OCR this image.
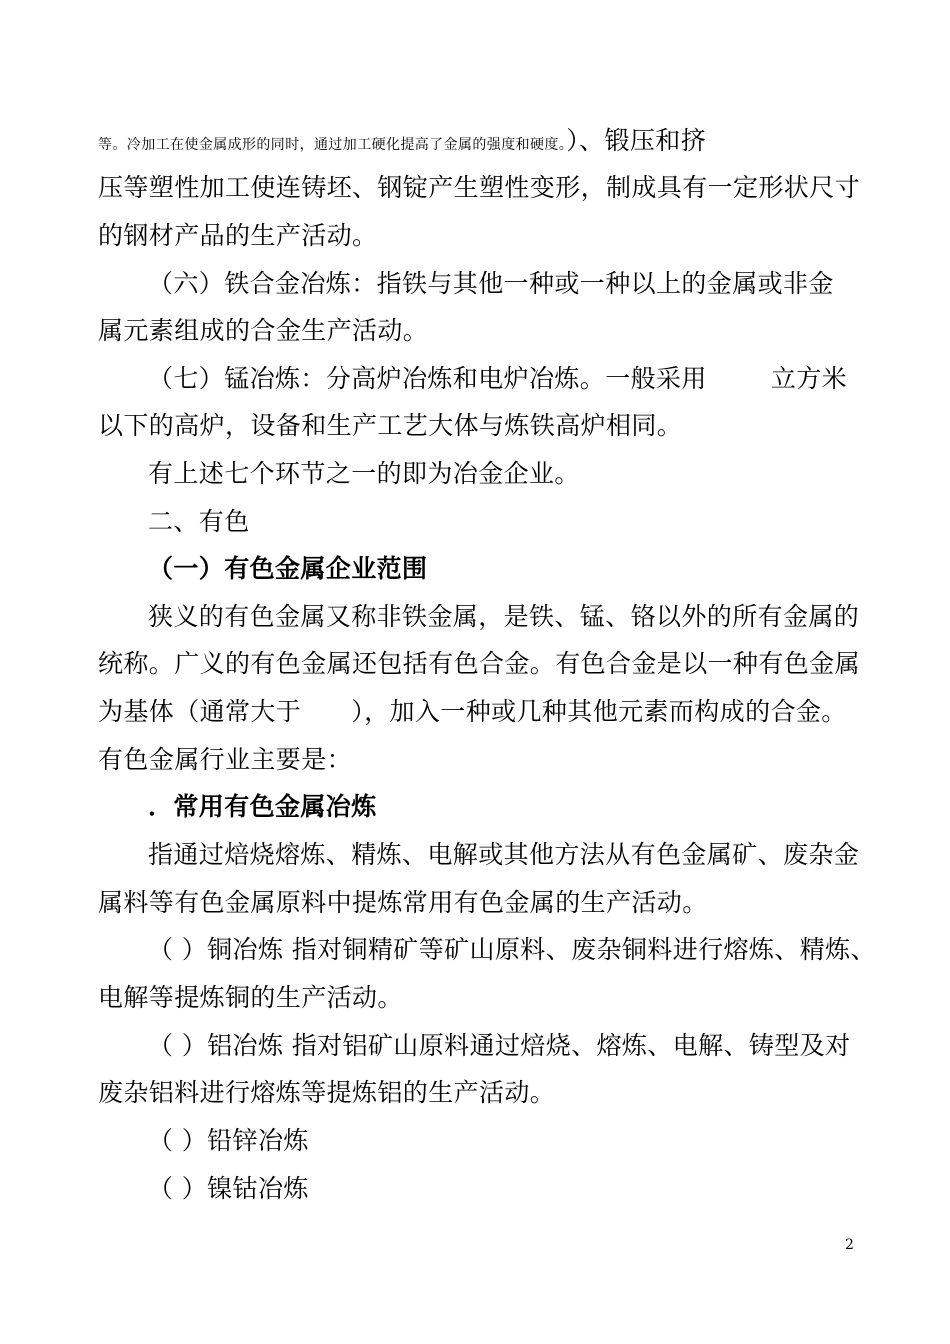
等。冷加工在使金属成形的同时，通过加工硬化提高了金属的强度和硬度。）、锻压和挤
压等塑性加工使连铸坯、钢锭产生塑性变形，制成具有一定形状尺寸
的钢材产品的生产活动。
（六）铁合金冶炼：指铁与其他一种或一种以上的金属或非金
属元素组成的合金生产活动。
（七）锰冶炼：分高炉冶炼和电炉冶炼。一般采用	立方米
以下的高炉，设备和生产工艺大体与炼铁高炉相同。
有上述七个环节之一的即为冶金企业。
二、有色
（一）有色金属企业范围
狭义的有色金属又称非铁金属，是铁、锰、铬以外的所有金属的
统称。广义的有色金属还包括有色合金。有色合金是以一种有色金属
为基体（通常大于 ），加入一种或几种其他元素而构成的合金。
有色金属行业主要是：
．常用有色金属冶炼
指通过焙烧熔炼、精炼、电解或其他方法从有色金属矿、废杂金
属料等有色金属原料中提炼常用有色金属的生产活动。
（ ）铜冶炼 指对铜精矿等矿山原料、废杂铜料进行熔炼、精炼、
电解等提炼铜的生产活动。
（ ）铝冶炼 指对铝矿山原料通过焙烧、熔炼、电解、铸型及对
废杂铝料进行熔炼等提炼铝的生产活动。
（ ）铅锌冶炼
（ ）镍钴冶炼
2
